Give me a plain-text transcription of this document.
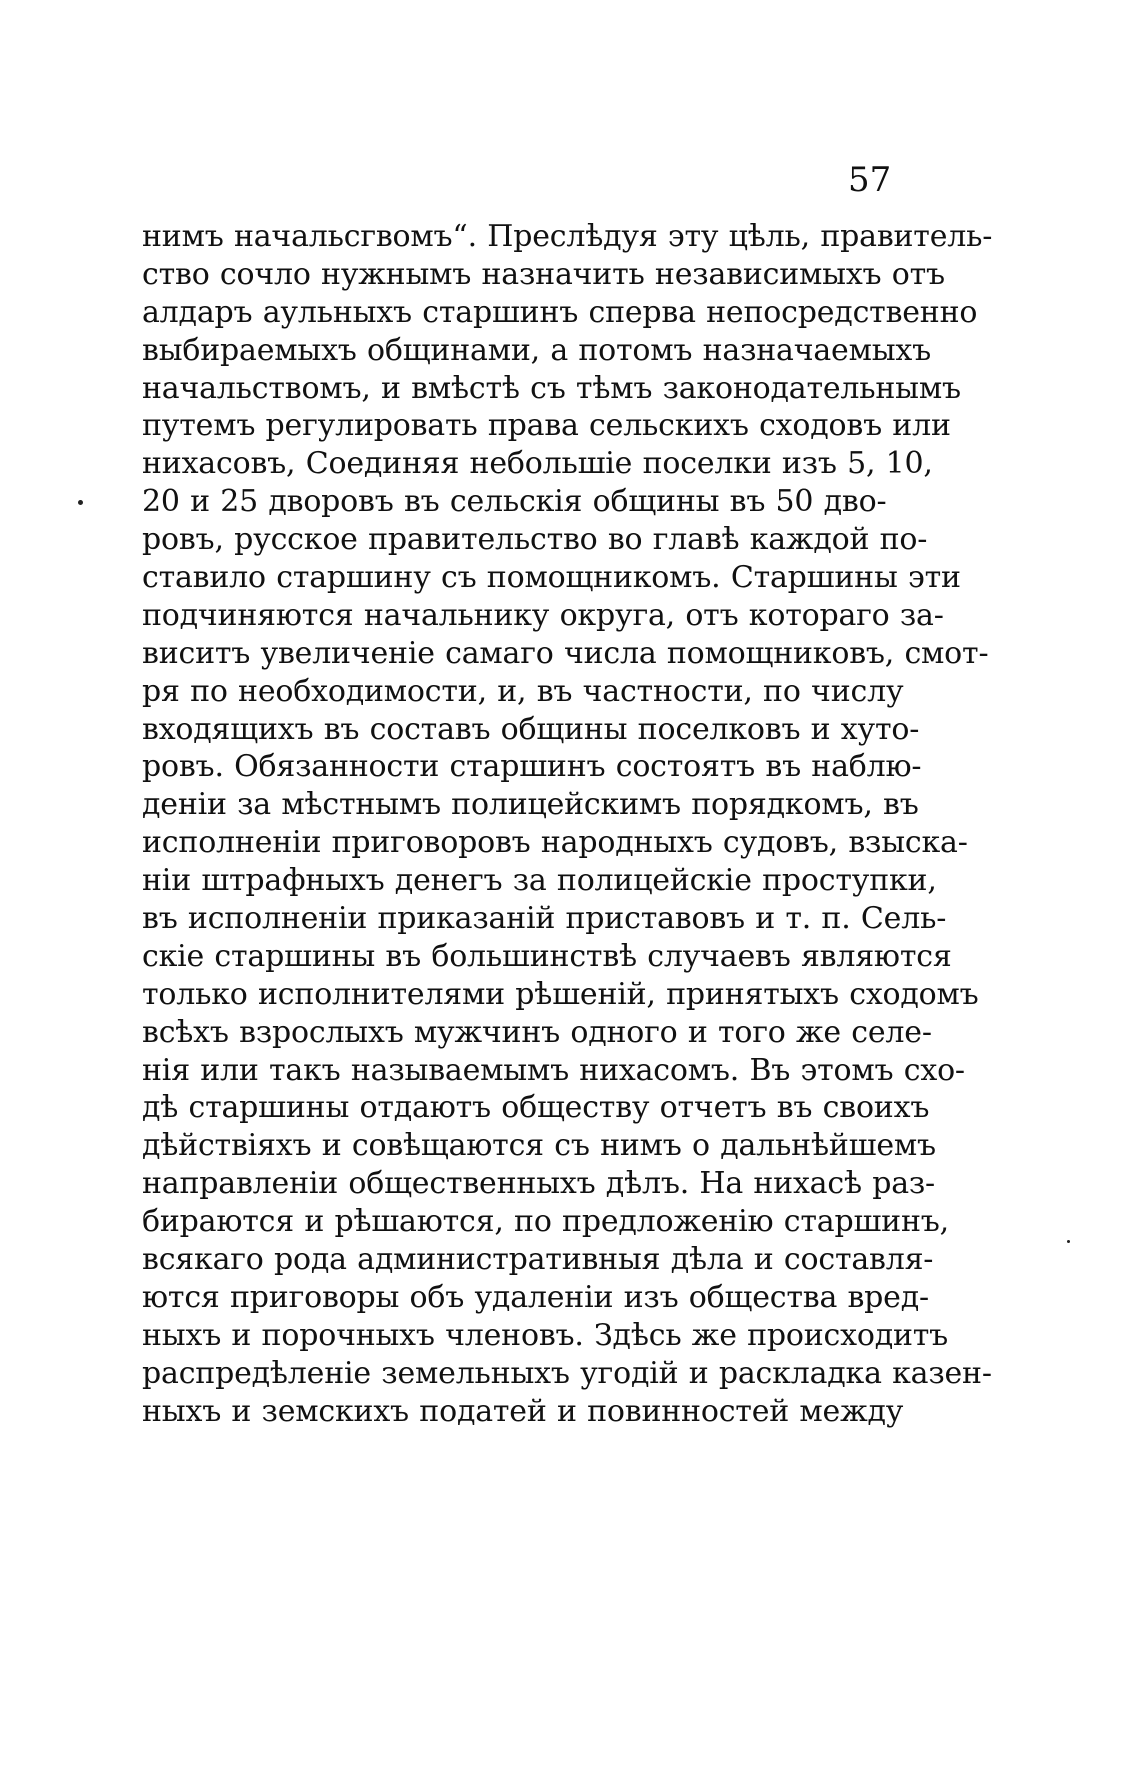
57
нимъ начальсгвомъ“. Преслѣдуя эту цѣль, правитель-
ство сочло нужнымъ назначить независимыхъ отъ
алдаръ аульныхъ старшинъ сперва непосредственно
выбираемыхъ общинами, а потомъ назначаемыхъ
начальствомъ, и вмѣстѣ съ тѣмъ законодательнымъ
путемъ регулировать права сельскихъ сходовъ или
нихасовъ, Соединяя небольшiе поселки изъ 5, 10,
20 и 25 дворовъ въ сельскiя общины въ 50 дво-
ровъ, русское правительство во главѣ каждой по-
ставило старшину съ помощникомъ. Старшины эти
подчиняются начальнику округа, отъ котораго за-
виситъ увеличенiе самаго числа помощниковъ, смот-
ря по необходимости, и, въ частности, по числу
входящихъ въ составъ общины поселковъ и хуто-
ровъ. Обязанности старшинъ состоятъ въ наблю-
денiи за мѣстнымъ полицейскимъ порядкомъ, въ
исполненiи приговоровъ народныхъ судовъ, взыска-
нiи штрафныхъ денегъ за полицейскiе проступки,
въ исполненiи приказанiй приставовъ и т. п. Сель-
скiе старшины въ большинствѣ случаевъ являются
только исполнителями рѣшенiй, принятыхъ сходомъ
всѣхъ взрослыхъ мужчинъ одного и того же селе-
нiя или такъ называемымъ нихасомъ. Въ этомъ схо-
дѣ старшины отдаютъ обществу отчетъ въ своихъ
дѣйствiяхъ и совѣщаются съ нимъ о дальнѣйшемъ
направленiи общественныхъ дѣлъ. На нихасѣ раз-
бираются и рѣшаются, по предложенiю старшинъ,
всякаго рода административныя дѣла и составля-
ются приговоры объ удаленiи изъ общества вред-
ныхъ и порочныхъ членовъ. Здѣсь же происходитъ
распредѣленiе земельныхъ угодiй и раскладка казен-
ныхъ и земскихъ податей и повинностей между
